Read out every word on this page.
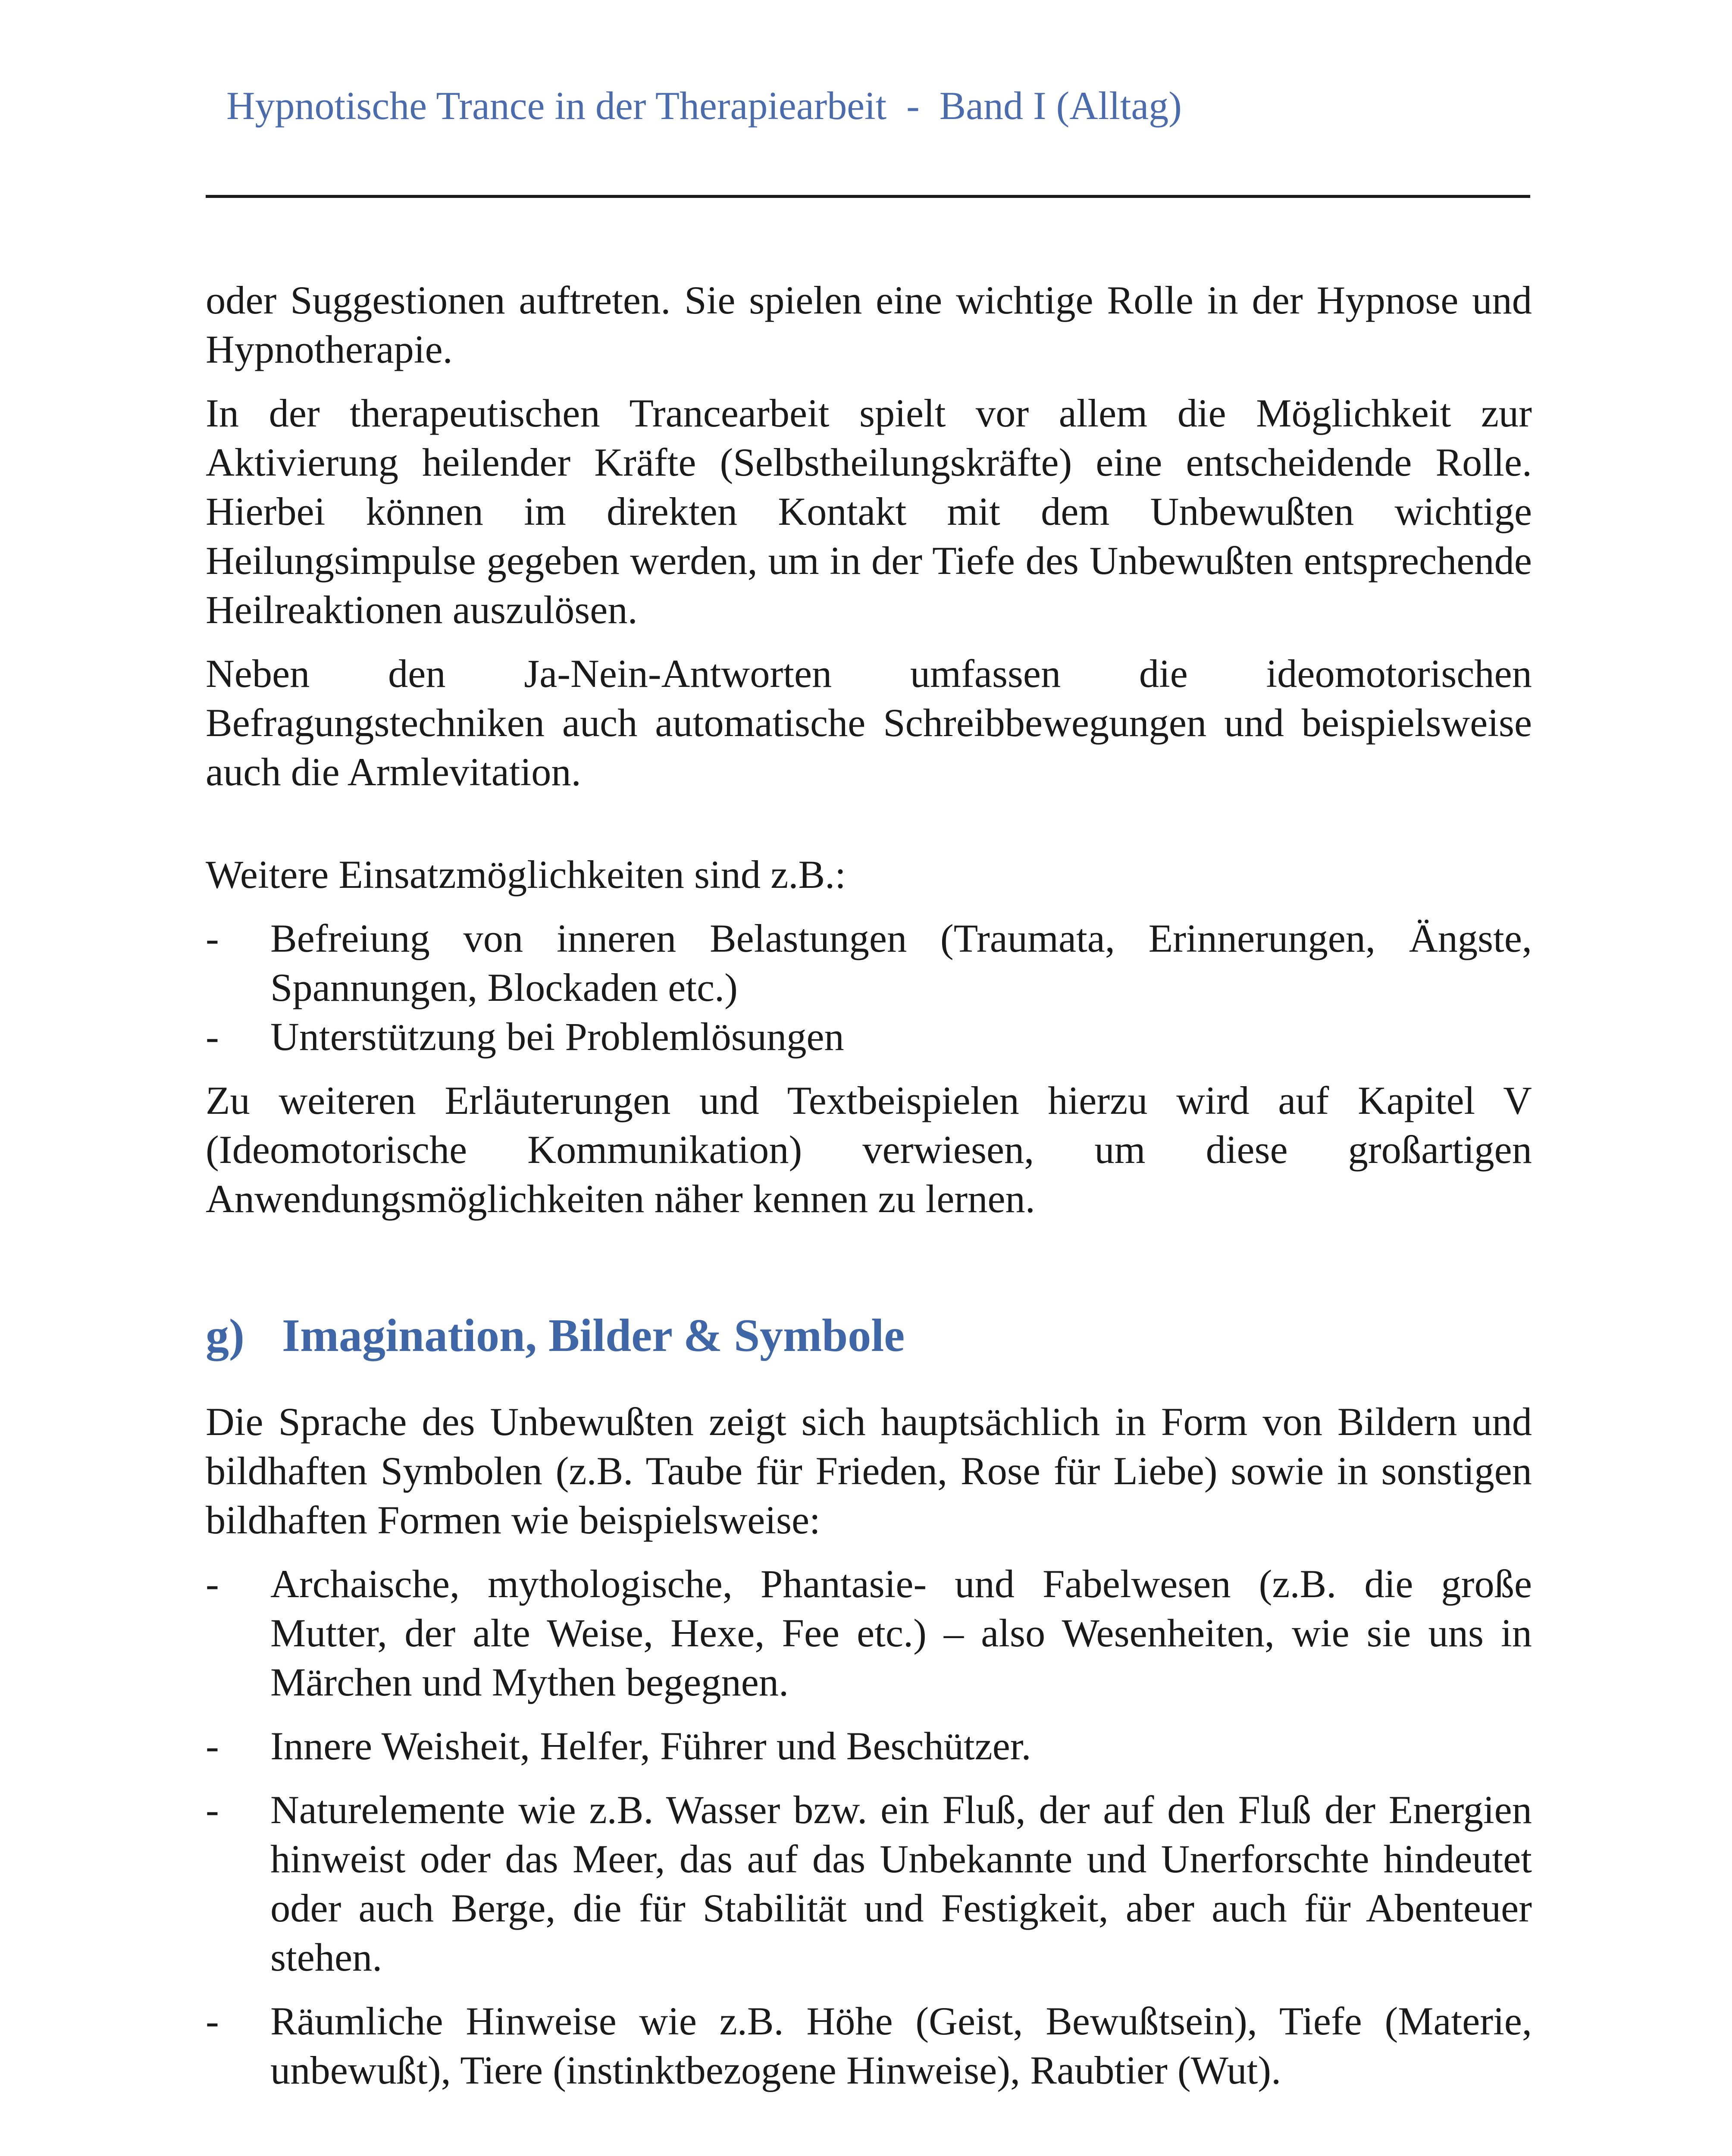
Hypnotische Trance in der Therapiearbeit  -  Band I (Alltag)

oder Suggestionen auftreten. Sie spielen eine wichtige Rolle in der Hypnose und Hypnotherapie.

In der therapeutischen Trancearbeit spielt vor allem die Möglichkeit zur Aktivierung heilender Kräfte (Selbstheilungskräfte) eine entscheidende Rolle. Hierbei können im direkten Kontakt mit dem Unbewußten wichtige Heilungsimpulse gegeben werden, um in der Tiefe des Unbewußten entsprechende Heilreaktionen auszulösen.

Neben den Ja-Nein-Antworten umfassen die ideomotorischen Befragungstechniken auch automatische Schreibbewegungen und beispielsweise auch die Armlevitation.

Weitere Einsatzmöglichkeiten sind z.B.:

- Befreiung von inneren Belastungen (Traumata, Erinnerungen, Ängste, Spannungen, Blockaden etc.)
- Unterstützung bei Problemlösungen

Zu weiteren Erläuterungen und Textbeispielen hierzu wird auf Kapitel V (Ideomotorische Kommunikation) verwiesen, um diese großartigen Anwendungsmöglichkeiten näher kennen zu lernen.

g) Imagination, Bilder & Symbole

Die Sprache des Unbewußten zeigt sich hauptsächlich in Form von Bildern und bildhaften Symbolen (z.B. Taube für Frieden, Rose für Liebe) sowie in sonstigen bildhaften Formen wie beispielsweise:

- Archaische, mythologische, Phantasie- und Fabelwesen (z.B. die große Mutter, der alte Weise, Hexe, Fee etc.) – also Wesenheiten, wie sie uns in Märchen und Mythen begegnen.
- Innere Weisheit, Helfer, Führer und Beschützer.
- Naturelemente wie z.B. Wasser bzw. ein Fluß, der auf den Fluß der Energien hinweist oder das Meer, das auf das Unbekannte und Unerforschte hindeutet oder auch Berge, die für Stabilität und Festigkeit, aber auch für Abenteuer stehen.
- Räumliche Hinweise wie z.B. Höhe (Geist, Bewußtsein), Tiefe (Materie, unbewußt), Tiere (instinktbezogene Hinweise), Raubtier (Wut).
